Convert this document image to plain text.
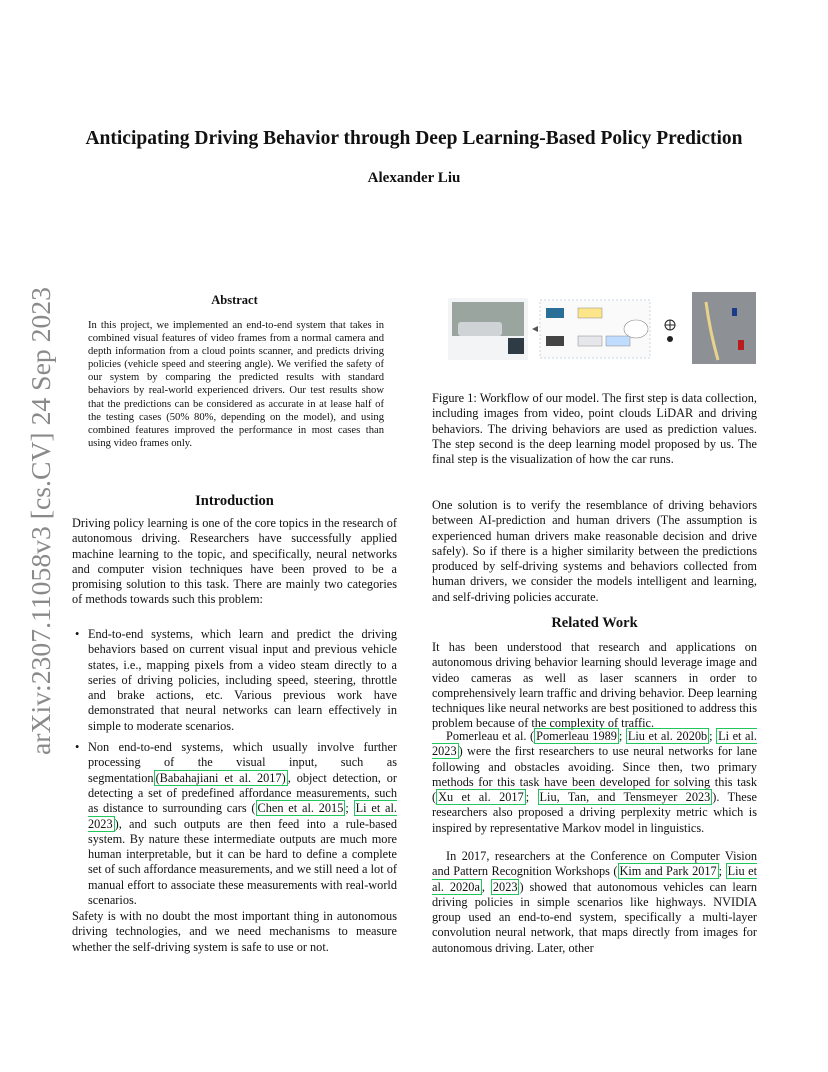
arXiv:2307.11058v3 [cs.CV] 24 Sep 2023
Anticipating Driving Behavior through Deep Learning-Based Policy Prediction
Alexander Liu
Abstract
In this project, we implemented an end-to-end system that takes in combined visual features of video frames from a normal camera and depth information from a cloud points scanner, and predicts driving policies (vehicle speed and steering angle). We verified the safety of our system by comparing the predicted results with standard behaviors by real-world experienced drivers. Our test results show that the predictions can be considered as accurate in at lease half of the testing cases (50% 80%, depending on the model), and using combined features improved the performance in most cases than using video frames only.
Introduction
Driving policy learning is one of the core topics in the research of autonomous driving. Researchers have successfully applied machine learning to the topic, and specifically, neural networks and computer vision techniques have been proved to be a promising solution to this task. There are mainly two categories of methods towards such this problem:
• End-to-end systems, which learn and predict the driving behaviors based on current visual input and previous vehicle states, i.e., mapping pixels from a video steam directly to a series of driving policies, including speed, steering, throttle and brake actions, etc. Various previous work have demonstrated that neural networks can learn effectively in simple to moderate scenarios.
• Non end-to-end systems, which usually involve further processing of the visual input, such as segmentation (Babahajiani et al. 2017) , object detection, or detecting a set of predefined affordance measurements, such as distance to surrounding cars ( Chen et al. 2015 ; Li et al. 2023 ), and such outputs are then feed into a rule-based system. By nature these intermediate outputs are much more human interpretable, but it can be hard to define a complete set of such affordance measurements, and we still need a lot of manual effort to associate these measurements with real-world scenarios.
Safety is with no doubt the most important thing in autonomous driving technologies, and we need mechanisms to measure whether the self-driving system is safe to use or not.
Figure 1: Workflow of our model. The first step is data collection, including images from video, point clouds LiDAR and driving behaviors. The driving behaviors are used as prediction values. The step second is the deep learning model proposed by us. The final step is the visualization of how the car runs.
One solution is to verify the resemblance of driving behaviors between AI-prediction and human drivers (The assumption is experienced human drivers make reasonable decision and drive safely). So if there is a higher similarity between the predictions produced by self-driving systems and behaviors collected from human drivers, we consider the models intelligent and learning, and self-driving policies accurate.
Related Work
It has been understood that research and applications on autonomous driving behavior learning should leverage image and video cameras as well as laser scanners in order to comprehensively learn traffic and driving behavior. Deep learning techniques like neural networks are best positioned to address this problem because of the complexity of traffic.
Pomerleau et al. ( Pomerleau 1989 ; Liu et al. 2020b ; Li et al. 2023 ) were the first researchers to use neural networks for lane following and obstacles avoiding. Since then, two primary methods for this task have been developed for solving this task ( Xu et al. 2017 ; Liu, Tan, and Tensmeyer 2023 ). These researchers also proposed a driving perplexity metric which is inspired by representative Markov model in linguistics.
In 2017, researchers at the Conference on Computer Vision and Pattern Recognition Workshops ( Kim and Park 2017 ; Liu et al. 2020a , 2023 ) showed that autonomous vehicles can learn driving policies in simple scenarios like highways. NVIDIA group used an end-to-end system, specifically a multi-layer convolution neural network, that maps directly from images for autonomous driving. Later, other
